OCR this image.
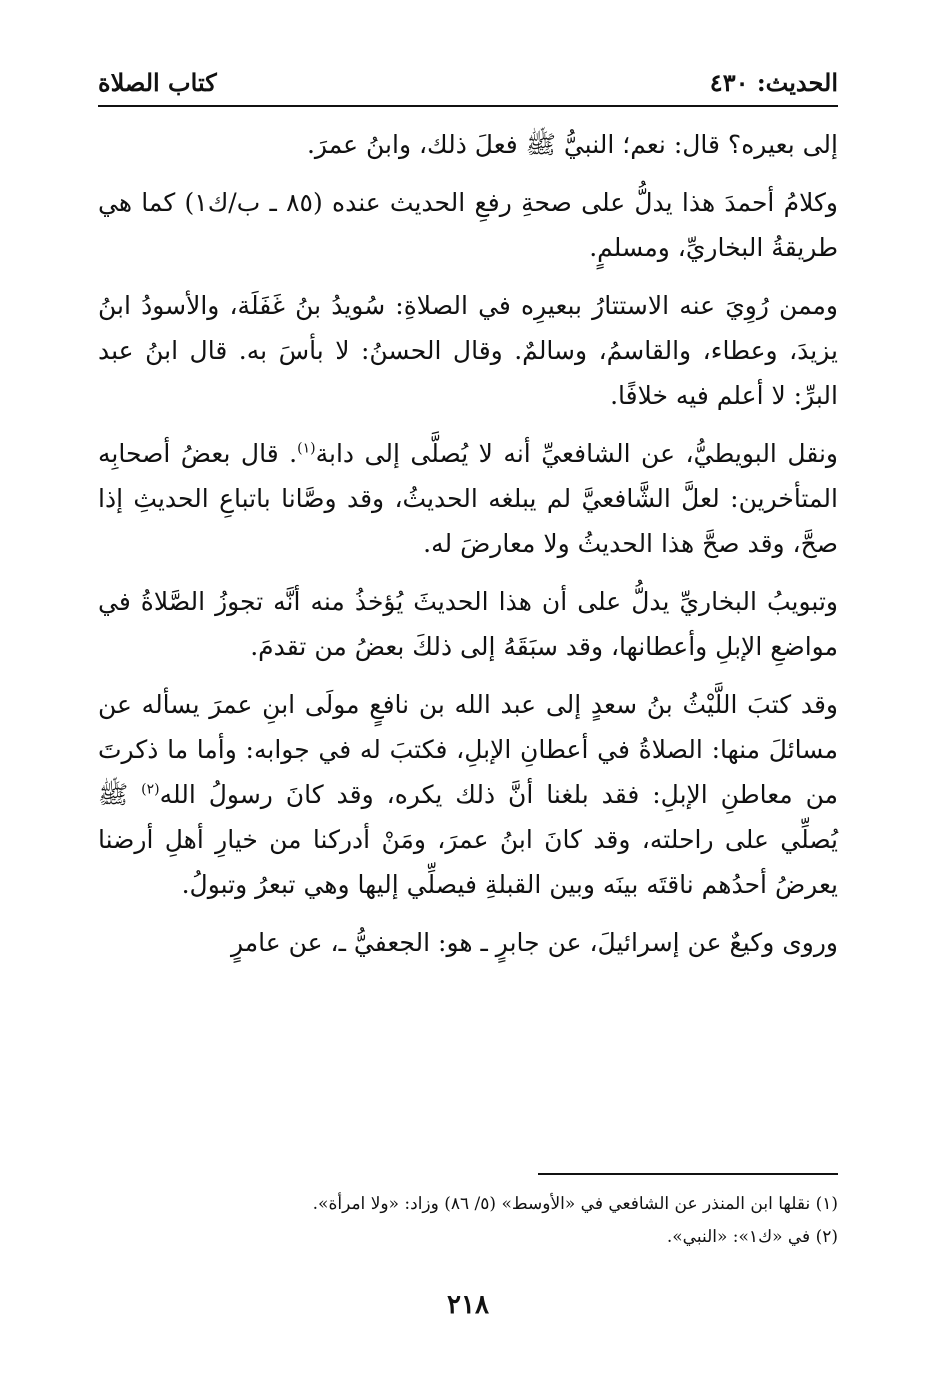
الحديث: ٤٣٠
كتاب الصلاة

إلى بعيره؟ قال: نعم؛ النبيُّ ﷺ فعلَ ذلك، وابنُ عمرَ.

وكلامُ أحمدَ هذا يدلُّ على صحةِ رفعِ الحديث عنده (٨٥ ـ ب/ك١) كما هي طريقةُ البخاريِّ، ومسلمٍ.

وممن رُوِيَ عنه الاستتارُ ببعيرِه في الصلاةِ: سُويدُ بنُ غَفَلَة، والأسودُ ابنُ يزيدَ، وعطاء، والقاسمُ، وسالمٌ. وقال الحسنُ: لا بأسَ به. قال ابنُ عبد البرِّ: لا أعلم فيه خلافًا.

ونقل البويطيُّ، عن الشافعيِّ أنه لا يُصلَّى إلى دابة$^{(١)}$. قال بعضُ أصحابِه المتأخرين: لعلَّ الشَّافعيَّ لم يبلغه الحديثُ، وقد وصَّانا باتباعِ الحديثِ إذا صحَّ، وقد صحَّ هذا الحديثُ ولا معارضَ له.

وتبويبُ البخاريِّ يدلُّ على أن هذا الحديثَ يُؤخذُ منه أنَّه تجوزُ الصَّلاةُ في مواضعِ الإبلِ وأعطانها، وقد سبَقَهُ إلى ذلكَ بعضُ من تقدمَ.

وقد كتبَ اللَّيْثُ بنُ سعدٍ إلى عبد الله بن نافعٍ مولَى ابنِ عمرَ يسأله عن مسائلَ منها: الصلاةُ في أعطانِ الإبلِ، فكتبَ له في جوابه: وأما ما ذكرتَ من معاطنِ الإبلِ: فقد بلغنا أنَّ ذلك يكره، وقد كانَ رسولُ الله$^{(٢)}$ ﷺ يُصلِّي على راحلته، وقد كانَ ابنُ عمرَ، ومَنْ أدركنا من خيارِ أهلِ أرضنا يعرضُ أحدُهم ناقتَه بينَه وبين القبلةِ فيصلِّي إليها وهي تبعرُ وتبولُ.

وروى وكيعٌ عن إسرائيلَ، عن جابرٍ ـ هو: الجعفيُّ ـ، عن عامرٍ

(١) نقلها ابن المنذر عن الشافعي في «الأوسط» (٥/ ٨٦) وزاد: «ولا امرأة».

(٢) في «ك١»: «النبي».

٢١٨
